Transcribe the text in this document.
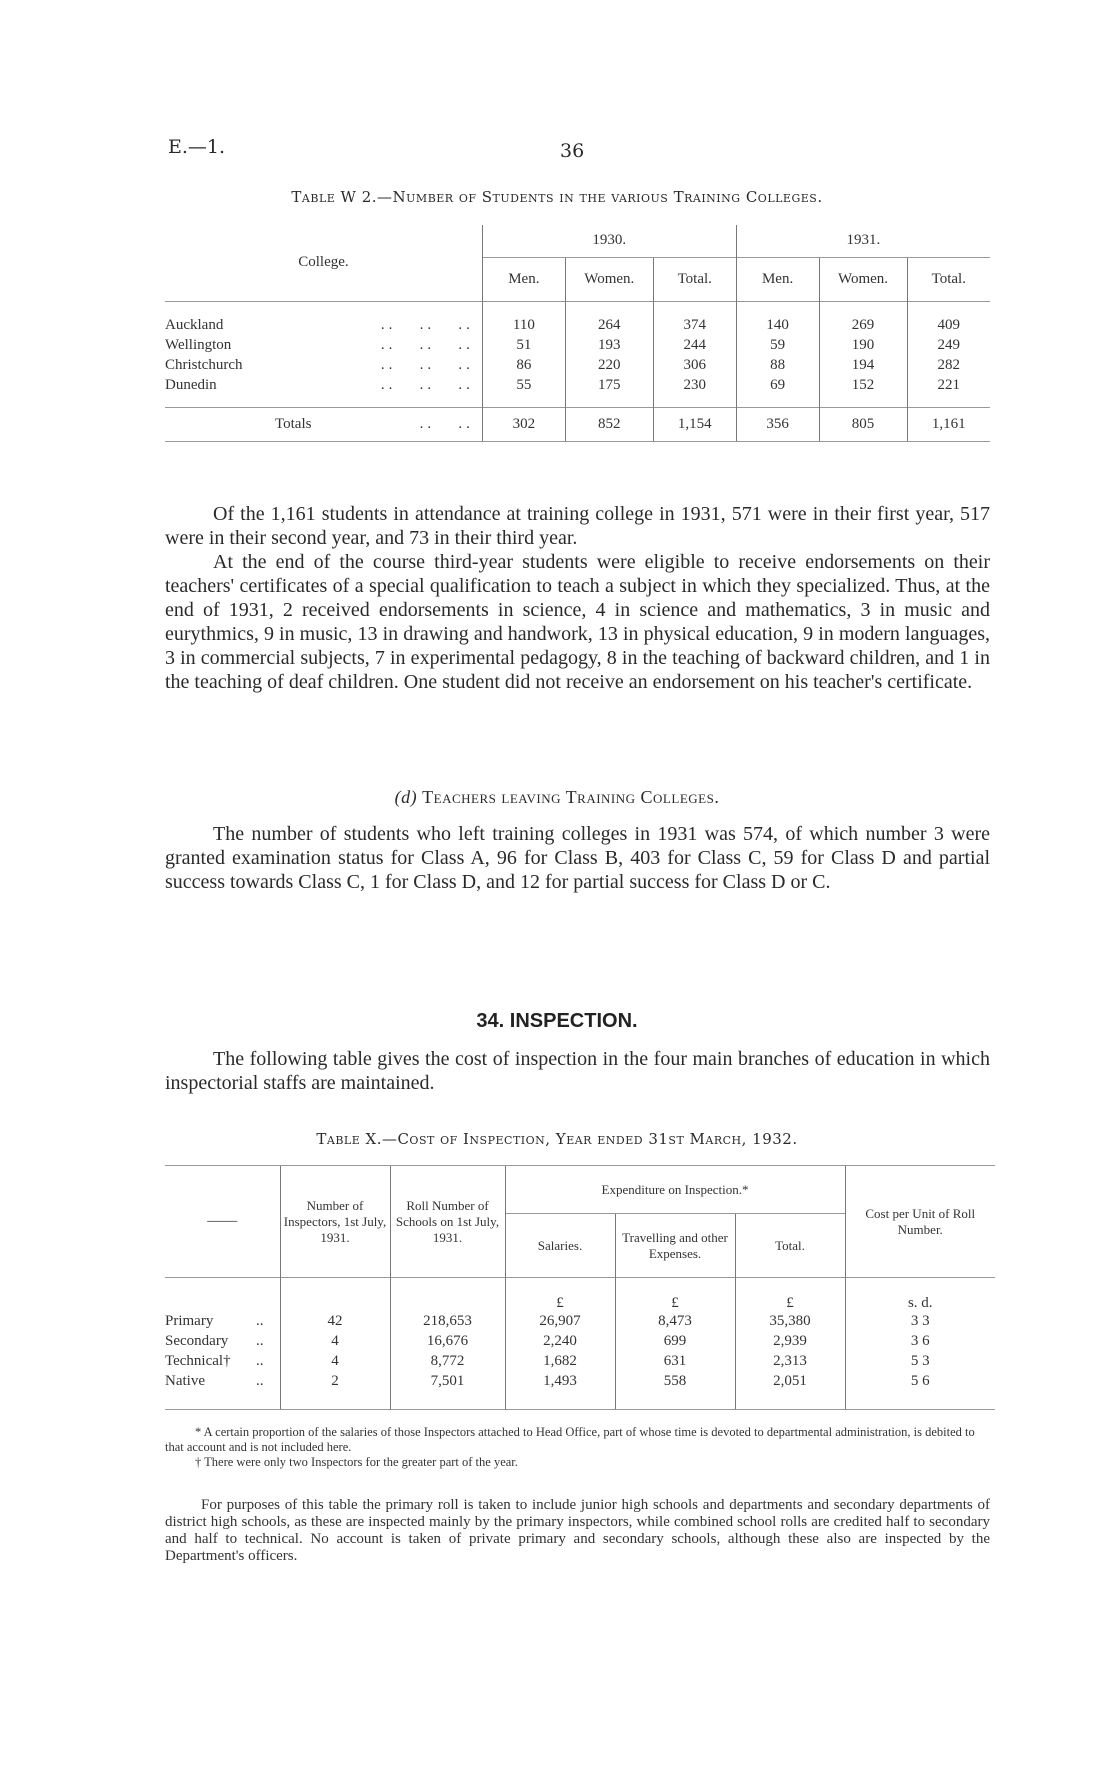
E.—1.	36
Table W 2.—Number of Students in the various Training Colleges.
College.		1930.			1931.		
		Men.	Women.	Total.	Men.	Women.	Total.

Auckland	..   ..   ..	110	264	374	140	269	409
Wellington	..   ..   ..	51	193	244	59	190	249
Christchurch	..   ..   ..	86	220	306	88	194	282
Dunedin	..   ..   ..	55	175	230	69	152	221

Totals	..   ..	302	852	1,154	356	805	1,161

Of the 1,161 students in attendance at training college in 1931, 571 were in their first year, 517 were in their second year, and 73 in their third year.

At the end of the course third-year students were eligible to receive endorsements on their teachers' certificates of a special qualification to teach a subject in which they specialized. Thus, at the end of 1931, 2 received endorsements in science, 4 in science and mathematics, 3 in music and eurythmics, 9 in music, 13 in drawing and handwork, 13 in physical education, 9 in modern languages, 3 in commercial subjects, 7 in experimental pedagogy, 8 in the teaching of backward children, and 1 in the teaching of deaf children. One student did not receive an endorsement on his teacher's certificate.

(d) Teachers leaving Training Colleges.

The number of students who left training colleges in 1931 was 574, of which number 3 were granted examination status for Class A, 96 for Class B, 403 for Class C, 59 for Class D and partial success towards Class C, 1 for Class D, and 12 for partial success for Class D or C.

34. INSPECTION.

The following table gives the cost of inspection in the four main branches of education in which inspectorial staffs are maintained.

Table X.—Cost of Inspection, Year ended 31st March, 1932.
——		Number of Inspectors, 1st July, 1931.	Roll Number of Schools on 1st July, 1931.	Expenditure on Inspection.*			Cost per Unit of Roll Number.
				Salaries.	Travelling and other Expenses.	Total.	
				£	£	£	s. d.
Primary	..	42	218,653	26,907	8,473	35,380	3 3
Secondary	..	4	16,676	2,240	699	2,939	3 6
Technical†	..	4	8,772	1,682	631	2,313	5 3
Native	..	2	7,501	1,493	558	2,051	5 6

* A certain proportion of the salaries of those Inspectors attached to Head Office, part of whose time is devoted to departmental administration, is debited to that account and is not included here.

† There were only two Inspectors for the greater part of the year.

For purposes of this table the primary roll is taken to include junior high schools and departments and secondary departments of district high schools, as these are inspected mainly by the primary inspectors, while combined school rolls are credited half to secondary and half to technical. No account is taken of private primary and secondary schools, although these also are inspected by the Department's officers.
